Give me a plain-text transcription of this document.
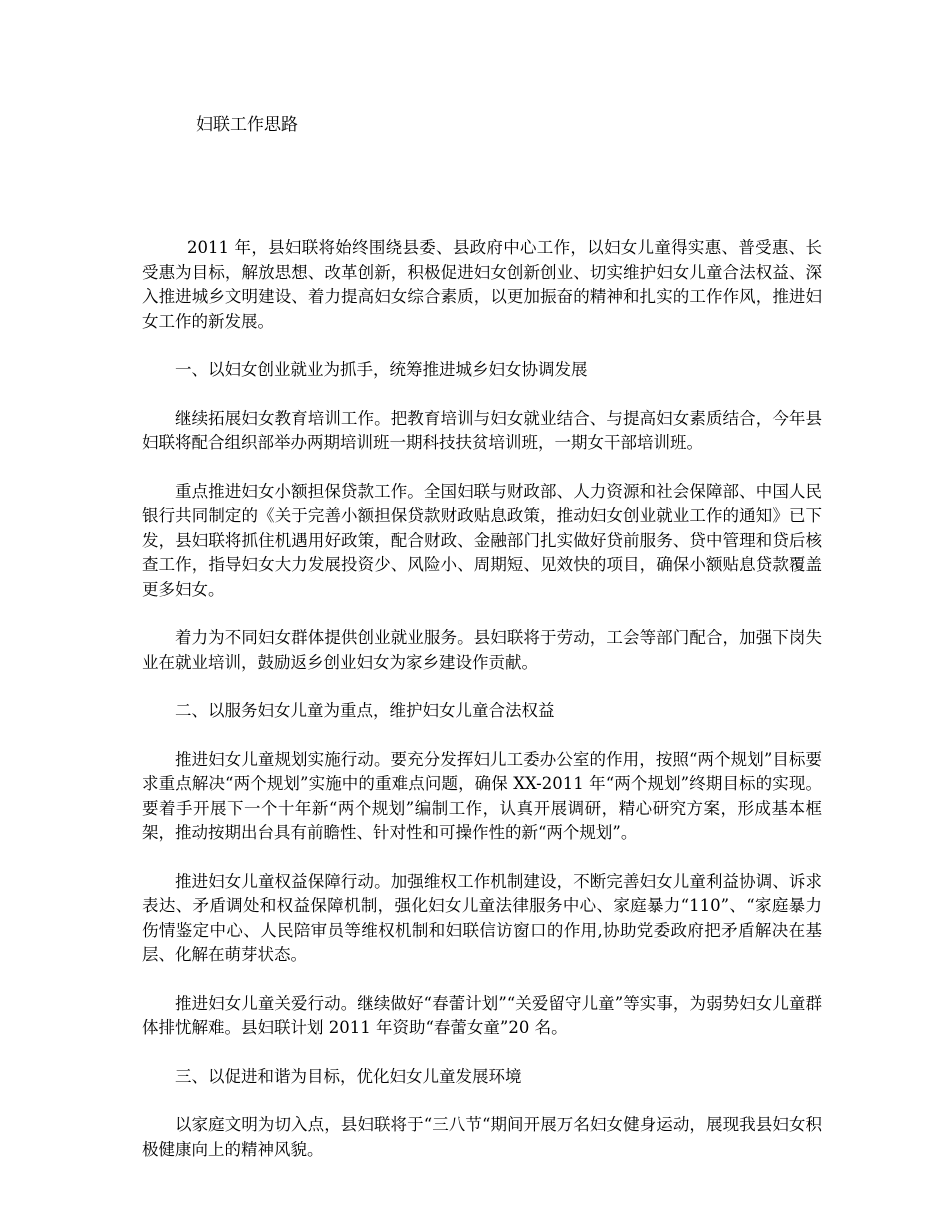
妇联工作思路

2011 年，县妇联将始终围绕县委、县政府中心工作，以妇女儿童得实惠、普受惠、长受惠为目标，解放思想、改革创新，积极促进妇女创新创业、切实维护妇女儿童合法权益、深入推进城乡文明建设、着力提高妇女综合素质，以更加振奋的精神和扎实的工作作风，推进妇女工作的新发展。

一、以妇女创业就业为抓手，统筹推进城乡妇女协调发展

继续拓展妇女教育培训工作。把教育培训与妇女就业结合、与提高妇女素质结合，今年县妇联将配合组织部举办两期培训班一期科技扶贫培训班，一期女干部培训班。

重点推进妇女小额担保贷款工作。全国妇联与财政部、人力资源和社会保障部、中国人民银行共同制定的《关于完善小额担保贷款财政贴息政策，推动妇女创业就业工作的通知》已下发，县妇联将抓住机遇用好政策，配合财政、金融部门扎实做好贷前服务、贷中管理和贷后核查工作，指导妇女大力发展投资少、风险小、周期短、见效快的项目，确保小额贴息贷款覆盖更多妇女。

着力为不同妇女群体提供创业就业服务。县妇联将于劳动，工会等部门配合，加强下岗失业在就业培训，鼓励返乡创业妇女为家乡建设作贡献。

二、以服务妇女儿童为重点，维护妇女儿童合法权益

推进妇女儿童规划实施行动。要充分发挥妇儿工委办公室的作用，按照“两个规划”目标要求重点解决“两个规划”实施中的重难点问题，确保 XX-2011 年“两个规划”终期目标的实现。要着手开展下一个十年新“两个规划”编制工作，认真开展调研，精心研究方案，形成基本框架，推动按期出台具有前瞻性、针对性和可操作性的新“两个规划”。

推进妇女儿童权益保障行动。加强维权工作机制建设，不断完善妇女儿童利益协调、诉求表达、矛盾调处和权益保障机制，强化妇女儿童法律服务中心、家庭暴力“110”、“家庭暴力伤情鉴定中心、人民陪审员等维权机制和妇联信访窗口的作用,协助党委政府把矛盾解决在基层、化解在萌芽状态。

推进妇女儿童关爱行动。继续做好“春蕾计划”“关爱留守儿童”等实事，为弱势妇女儿童群体排忧解难。县妇联计划 2011 年资助“春蕾女童”20 名。

三、以促进和谐为目标，优化妇女儿童发展环境

以家庭文明为切入点，县妇联将于“三八节“期间开展万名妇女健身运动，展现我县妇女积极健康向上的精神风貌。
